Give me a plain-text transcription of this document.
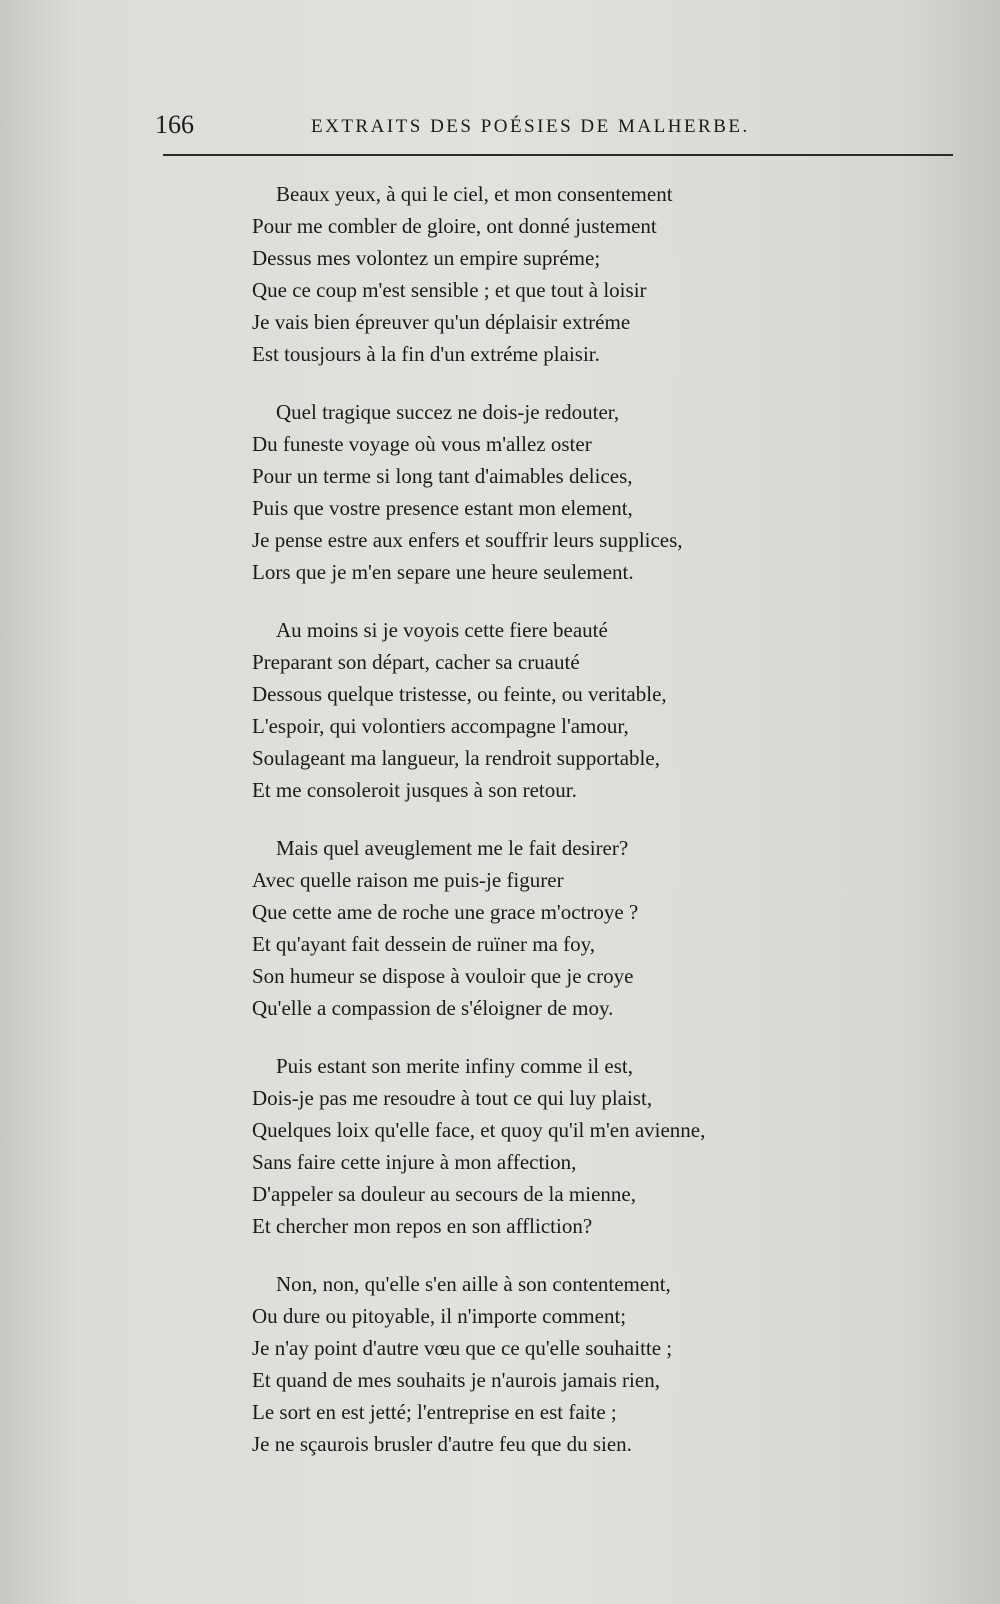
166	EXTRAITS DES POÉSIES DE MALHERBE.
Beaux yeux, à qui le ciel, et mon consentement
Pour me combler de gloire, ont donné justement
Dessus mes volontez un empire supréme;
Que ce coup m'est sensible ; et que tout à loisir
Je vais bien épreuver qu'un déplaisir extréme
Est tousjours à la fin d'un extréme plaisir.
Quel tragique succez ne dois-je redouter,
Du funeste voyage où vous m'allez oster
Pour un terme si long tant d'aimables delices,
Puis que vostre presence estant mon element,
Je pense estre aux enfers et souffrir leurs supplices,
Lors que je m'en separe une heure seulement.
Au moins si je voyois cette fiere beauté
Preparant son départ, cacher sa cruauté
Dessous quelque tristesse, ou feinte, ou veritable,
L'espoir, qui volontiers accompagne l'amour,
Soulageant ma langueur, la rendroit supportable,
Et me consoleroit jusques à son retour.
Mais quel aveuglement me le fait desirer?
Avec quelle raison me puis-je figurer
Que cette ame de roche une grace m'octroye ?
Et qu'ayant fait dessein de ruïner ma foy,
Son humeur se dispose à vouloir que je croye
Qu'elle a compassion de s'éloigner de moy.
Puis estant son merite infiny comme il est,
Dois-je pas me resoudre à tout ce qui luy plaist,
Quelques loix qu'elle face, et quoy qu'il m'en avienne,
Sans faire cette injure à mon affection,
D'appeler sa douleur au secours de la mienne,
Et chercher mon repos en son affliction?
Non, non, qu'elle s'en aille à son contentement,
Ou dure ou pitoyable, il n'importe comment;
Je n'ay point d'autre vœu que ce qu'elle souhaitte ;
Et quand de mes souhaits je n'aurois jamais rien,
Le sort en est jetté; l'entreprise en est faite ;
Je ne sçaurois brusler d'autre feu que du sien.
